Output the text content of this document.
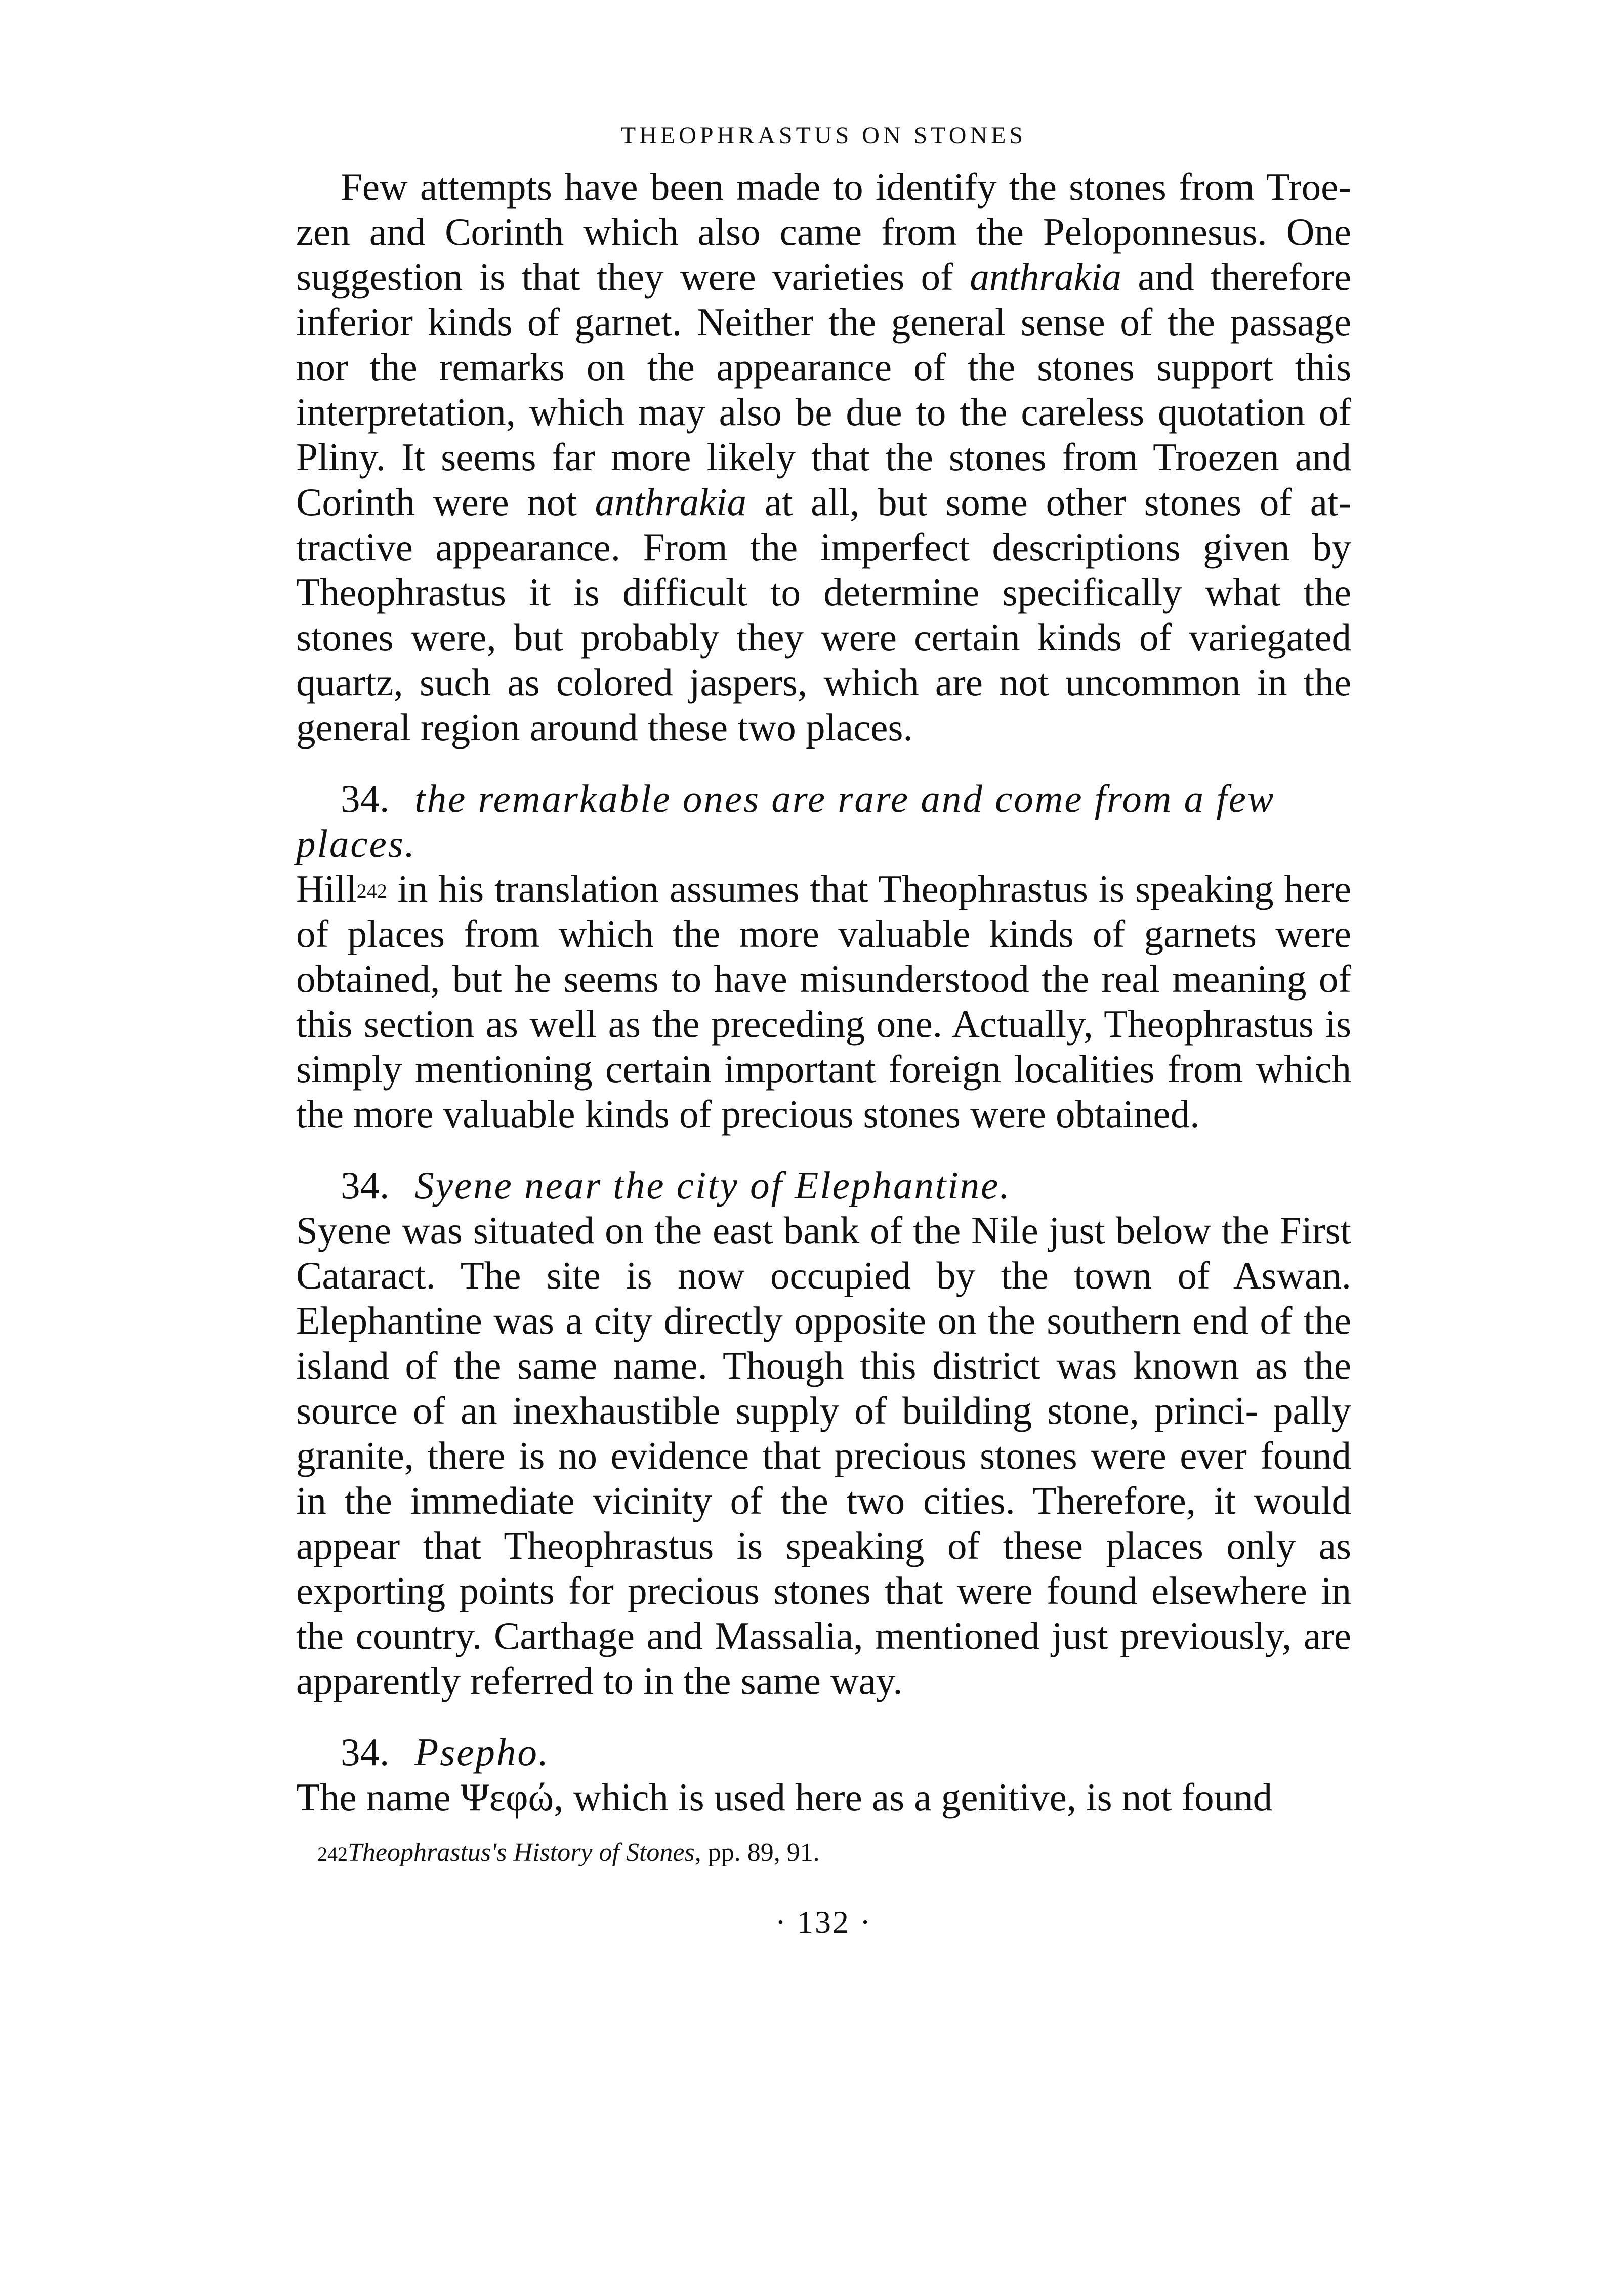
THEOPHRASTUS ON STONES

Few attempts have been made to identify the stones from Troe- zen and Corinth which also came from the Peloponnesus. One suggestion is that they were varieties of anthrakia and therefore inferior kinds of garnet. Neither the general sense of the passage nor the remarks on the appearance of the stones support this interpretation, which may also be due to the careless quotation of Pliny. It seems far more likely that the stones from Troezen and Corinth were not anthrakia at all, but some other stones of at- tractive appearance. From the imperfect descriptions given by Theophrastus it is difficult to determine specifically what the stones were, but probably they were certain kinds of variegated quartz, such as colored jaspers, which are not uncommon in the general region around these two places.

34. the remarkable ones are rare and come from a few places.

Hill$^{242}$ in his translation assumes that Theophrastus is speaking here of places from which the more valuable kinds of garnets were obtained, but he seems to have misunderstood the real meaning of this section as well as the preceding one. Actually, Theophrastus is simply mentioning certain important foreign localities from which the more valuable kinds of precious stones were obtained.

34. Syene near the city of Elephantine.

Syene was situated on the east bank of the Nile just below the First Cataract. The site is now occupied by the town of Aswan. Elephantine was a city directly opposite on the southern end of the island of the same name. Though this district was known as the source of an inexhaustible supply of building stone, princi- pally granite, there is no evidence that precious stones were ever found in the immediate vicinity of the two cities. Therefore, it would appear that Theophrastus is speaking of these places only as exporting points for precious stones that were found elsewhere in the country. Carthage and Massalia, mentioned just previously, are apparently referred to in the same way.

34. Psepho.

The name Ψεφώ, which is used here as a genitive, is not found

242Theophrastus's History of Stones, pp. 89, 91.
· 132 ·
